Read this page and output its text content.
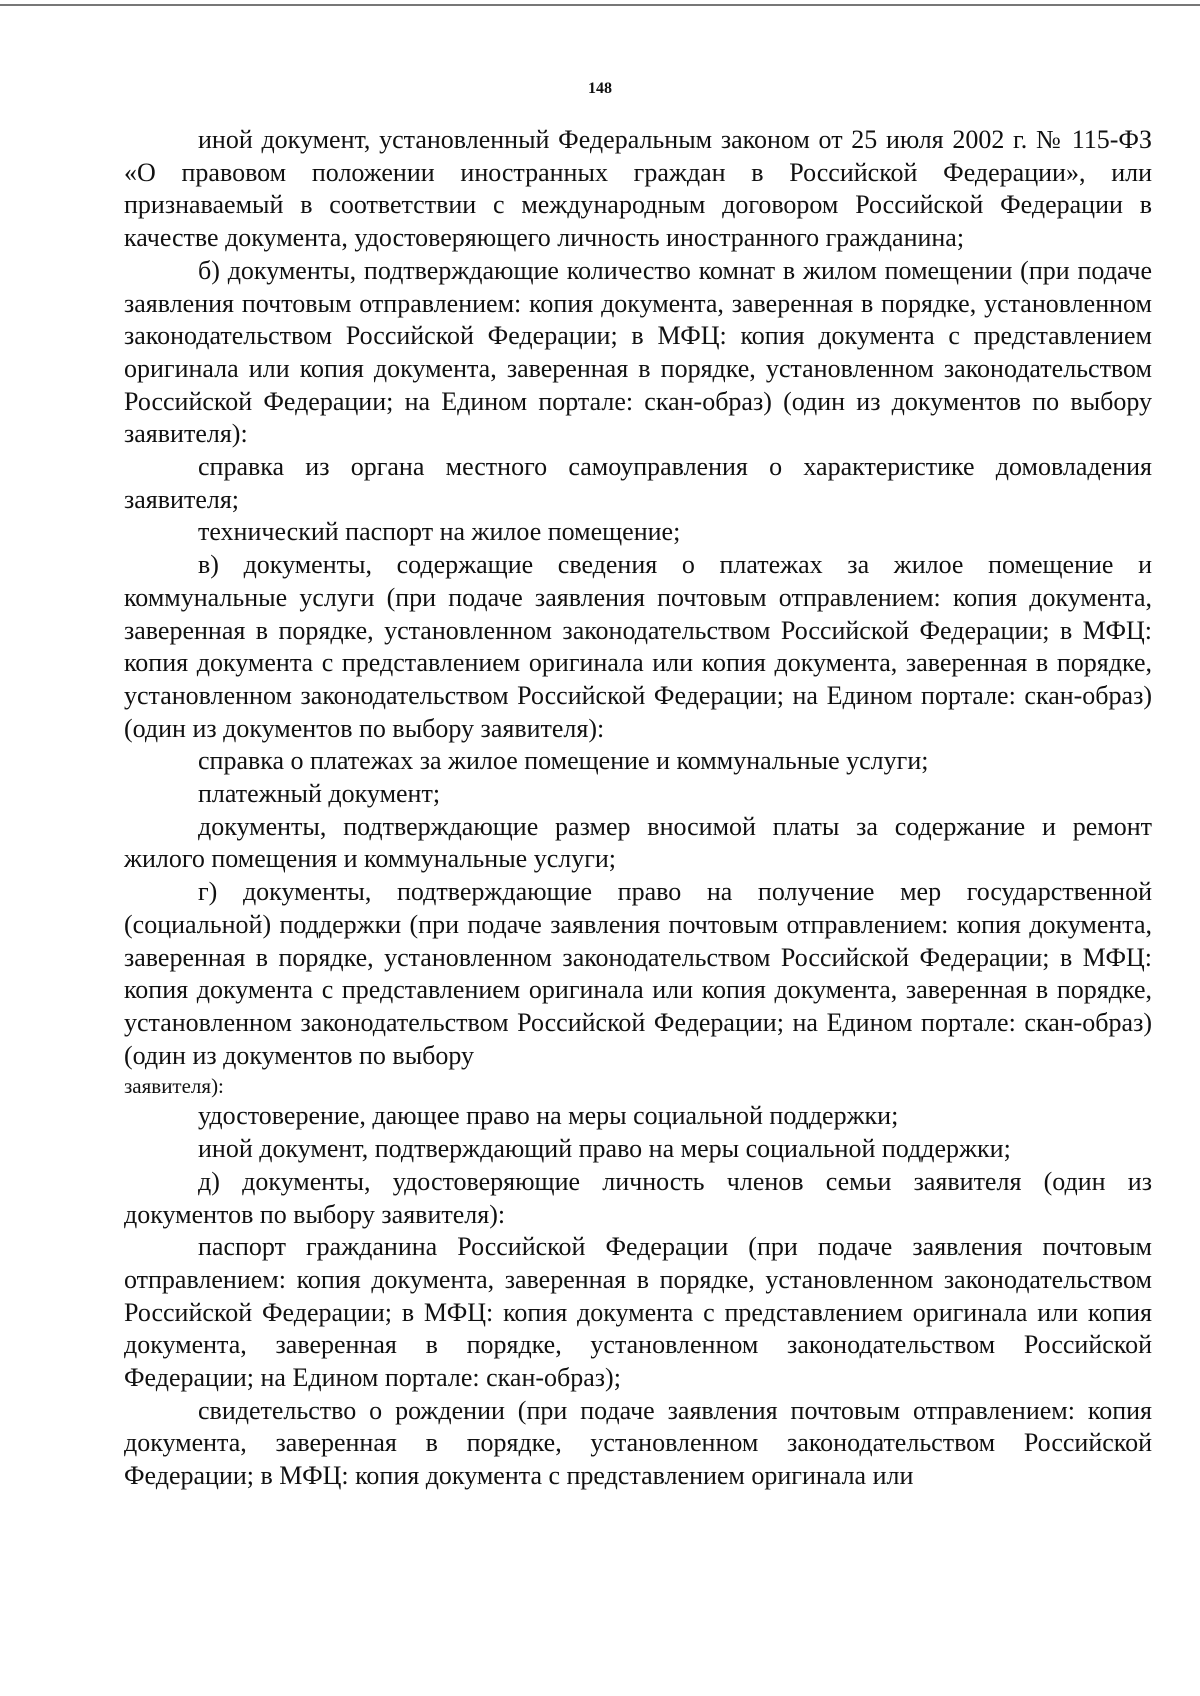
148

иной документ, установленный Федеральным законом от 25 июля 2002 г. № 115-ФЗ «О правовом положении иностранных граждан в Российской Федерации», или признаваемый в соответствии с международным договором Российской Федерации в качестве документа, удостоверяющего личность иностранного гражданина;

б) документы, подтверждающие количество комнат в жилом помещении (при подаче заявления почтовым отправлением: копия документа, заверенная в порядке, установленном законодательством Российской Федерации; в МФЦ: копия документа с представлением оригинала или копия документа, заверенная в порядке, установленном законодательством Российской Федерации; на Едином портале: скан-образ) (один из документов по выбору заявителя):

справка из органа местного самоуправления о характеристике домовладения заявителя;

технический паспорт на жилое помещение;

в) документы, содержащие сведения о платежах за жилое помещение и коммунальные услуги (при подаче заявления почтовым отправлением: копия документа, заверенная в порядке, установленном законодательством Российской Федерации; в МФЦ: копия документа с представлением оригинала или копия документа, заверенная в порядке, установленном законодательством Российской Федерации; на Едином портале: скан-образ) (один из документов по выбору заявителя):

справка о платежах за жилое помещение и коммунальные услуги;

платежный документ;

документы, подтверждающие размер вносимой платы за содержание и ремонт жилого помещения и коммунальные услуги;

г) документы, подтверждающие право на получение мер государственной (социальной) поддержки (при подаче заявления почтовым отправлением: копия документа, заверенная в порядке, установленном законодательством Российской Федерации; в МФЦ: копия документа с представлением оригинала или копия документа, заверенная в порядке, установленном законодательством Российской Федерации; на Едином портале: скан-образ) (один из документов по выбору

заявителя):

удостоверение, дающее право на меры социальной поддержки;

иной документ, подтверждающий право на меры социальной поддержки;

д) документы, удостоверяющие личность членов семьи заявителя (один из документов по выбору заявителя):

паспорт гражданина Российской Федерации (при подаче заявления почтовым отправлением: копия документа, заверенная в порядке, установленном законодательством Российской Федерации; в МФЦ: копия документа с представлением оригинала или копия документа, заверенная в порядке, установленном законодательством Российской Федерации; на Едином портале: скан-образ);

свидетельство о рождении (при подаче заявления почтовым отправлением: копия документа, заверенная в порядке, установленном законодательством Российской Федерации; в МФЦ: копия документа с представлением оригинала или
